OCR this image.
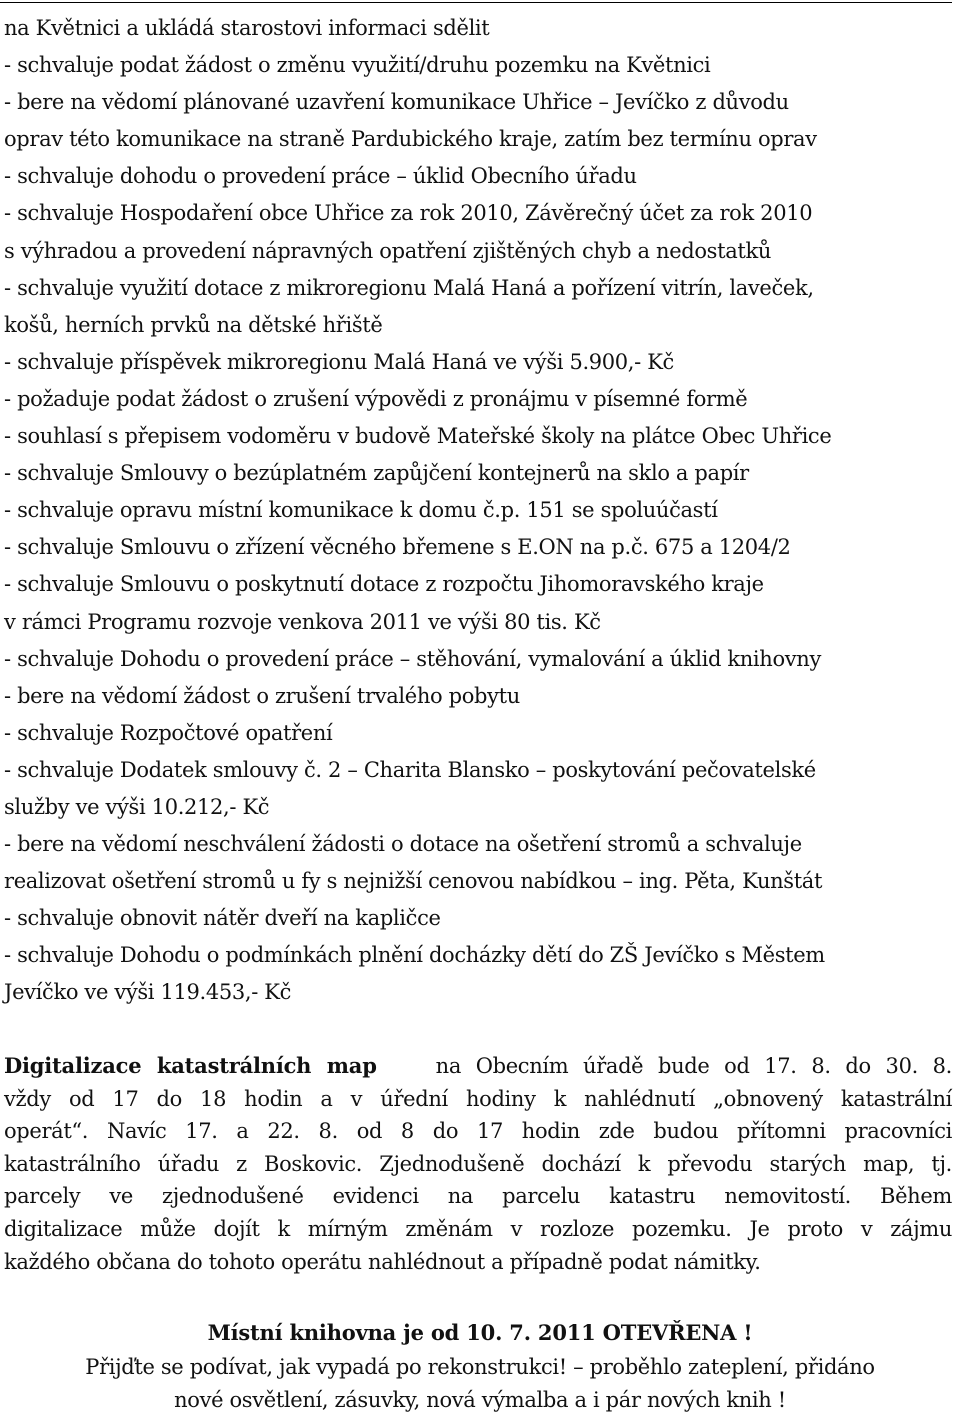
na Květnici a ukládá starostovi informaci sdělit
- schvaluje podat žádost o změnu využití/druhu pozemku na Květnici
- bere na vědomí plánované uzavření komunikace Uhřice – Jevíčko z důvodu
oprav této komunikace na straně Pardubického kraje, zatím bez termínu oprav
- schvaluje dohodu o provedení práce – úklid Obecního úřadu
- schvaluje Hospodaření obce Uhřice za rok 2010, Závěrečný účet za rok 2010
s výhradou a provedení nápravných opatření zjištěných chyb a nedostatků
- schvaluje využití dotace z mikroregionu Malá Haná a pořízení vitrín, laveček,
košů, herních prvků na dětské hřiště
- schvaluje příspěvek mikroregionu Malá Haná ve výši 5.900,- Kč
- požaduje podat žádost o zrušení výpovědi z pronájmu v písemné formě
- souhlasí s přepisem vodoměru v budově Mateřské školy na plátce Obec Uhřice
- schvaluje Smlouvy o bezúplatném zapůjčení kontejnerů na sklo a papír
- schvaluje opravu místní komunikace k domu č.p. 151 se spoluúčastí
- schvaluje Smlouvu o zřízení věcného břemene s E.ON na p.č. 675 a 1204/2
- schvaluje Smlouvu o poskytnutí dotace z rozpočtu Jihomoravského kraje
v rámci Programu rozvoje venkova 2011 ve výši 80 tis. Kč
- schvaluje Dohodu o provedení práce – stěhování, vymalování a úklid knihovny
- bere na vědomí žádost o zrušení trvalého pobytu
- schvaluje Rozpočtové opatření
- schvaluje Dodatek smlouvy č. 2 – Charita Blansko – poskytování pečovatelské
služby ve výši 10.212,- Kč
- bere na vědomí neschválení žádosti o dotace na ošetření stromů a schvaluje
realizovat ošetření stromů u fy s nejnižší cenovou nabídkou – ing. Pěta, Kunštát
- schvaluje obnovit nátěr dveří na kapličce
- schvaluje Dohodu o podmínkách plnění docházky dětí do ZŠ Jevíčko s Městem
Jevíčko ve výši 119.453,- Kč
Digitalizace katastrálních map	na Obecním úřadě bude od 17. 8. do 30. 8.
vždy od 17 do 18 hodin a v úřední hodiny k nahlédnutí „obnovený katastrální
operát“. Navíc 17. a 22. 8. od 8 do 17 hodin zde budou přítomni pracovníci
katastrálního úřadu z Boskovic. Zjednodušeně dochází k převodu starých map, tj.
parcely ve zjednodušené evidenci na parcelu katastru nemovitostí. Během
digitalizace může dojít k mírným změnám v rozloze pozemku. Je proto v zájmu
každého občana do tohoto operátu nahlédnout a případně podat námitky.
Místní knihovna je od 10. 7. 2011 OTEVŘENA !
Přijďte se podívat, jak vypadá po rekonstrukci! – proběhlo zateplení, přidáno
nové osvětlení, zásuvky, nová výmalba a i pár nových knih !
